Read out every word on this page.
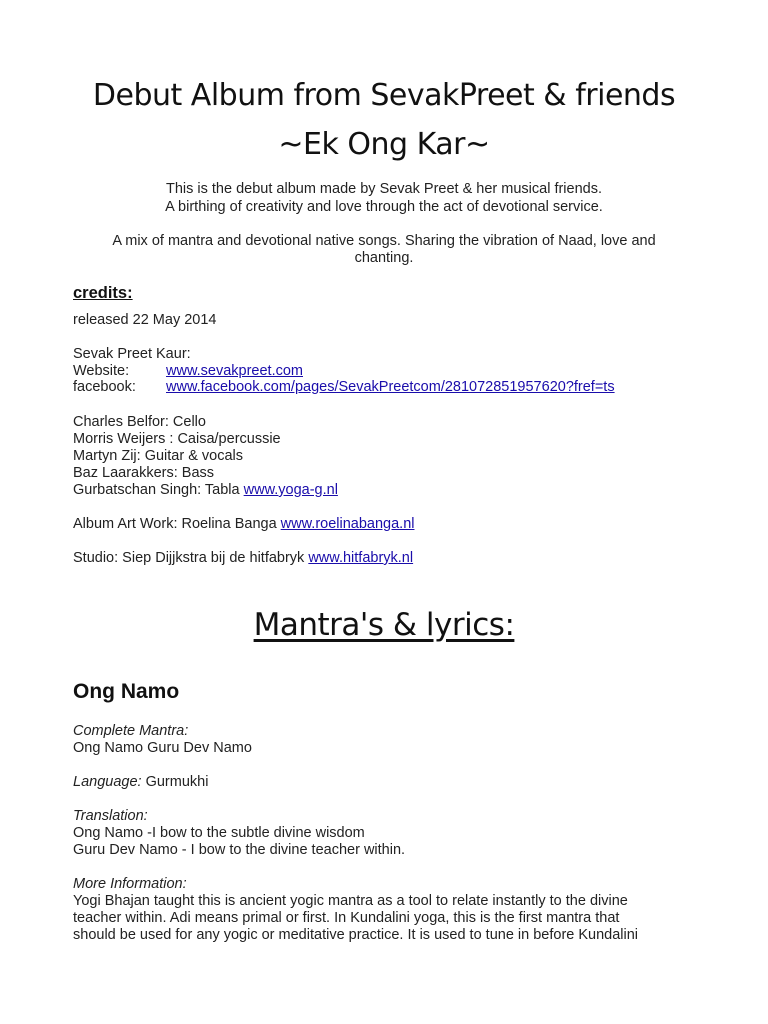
Debut Album from SevakPreet & friends
~Ek Ong Kar~
This is the debut album made by Sevak Preet & her musical friends.
A birthing of creativity and love through the act of devotional service.
A mix of mantra and devotional native songs. Sharing the vibration of Naad, love and
chanting.
credits:
released 22 May 2014
Sevak Preet Kaur:
Website:	www.sevakpreet.com
facebook: www.facebook.com/pages/SevakPreetcom/281072851957620?fref=ts
Charles Belfor: Cello
Morris Weijers : Caisa/percussie
Martyn Zij: Guitar & vocals
Baz Laarakkers: Bass
Gurbatschan Singh: Tabla www.yoga-g.nl
Album Art Work: Roelina Banga www.roelinabanga.nl
Studio: Siep Dijjkstra bij de hitfabryk www.hitfabryk.nl
Mantra's & lyrics:
Ong Namo
Complete Mantra:
Ong Namo Guru Dev Namo
Language: Gurmukhi
Translation:
Ong Namo -I bow to the subtle divine wisdom
Guru Dev Namo - I bow to the divine teacher within.
More Information:
Yogi Bhajan taught this is ancient yogic mantra as a tool to relate instantly to the divine
teacher within. Adi means primal or first. In Kundalini yoga, this is the first mantra that
should be used for any yogic or meditative practice. It is used to tune in before Kundalini
